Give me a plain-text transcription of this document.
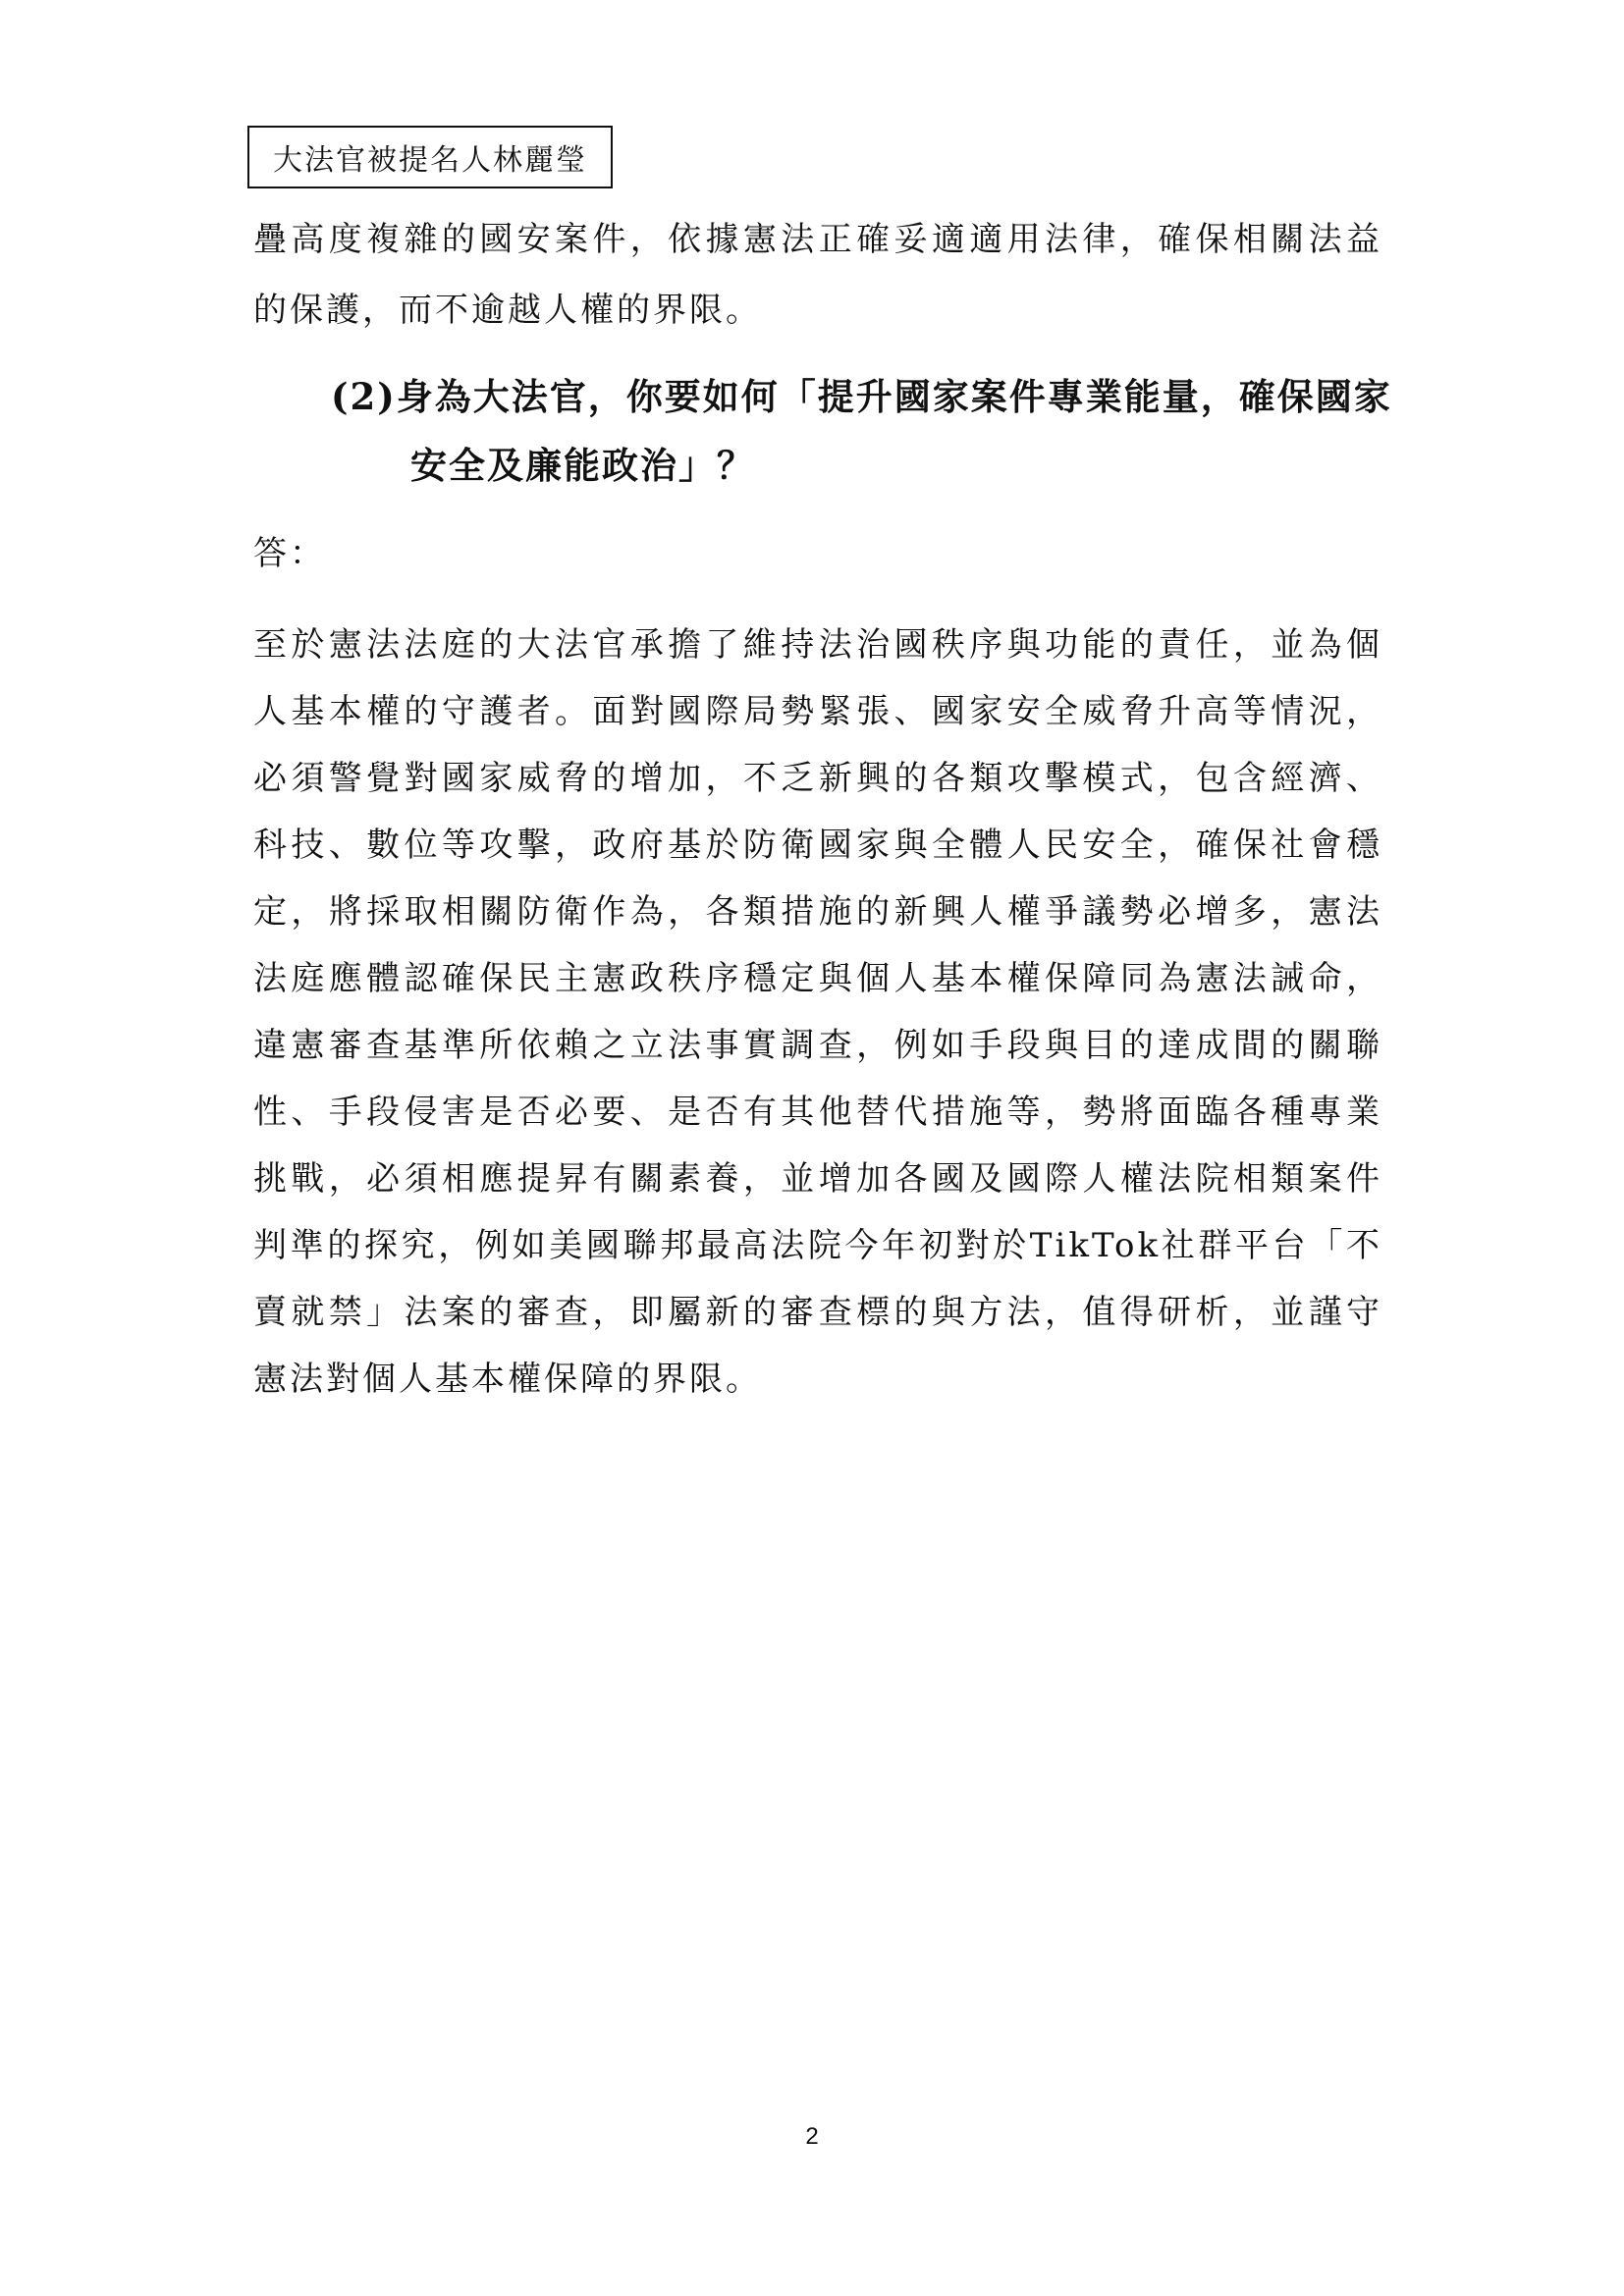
大法官被提名人林麗瑩
疊高度複雜的國安案件，依據憲法正確妥適適用法律，確保相關法益
的保護，而不逾越人權的界限。
(2)身為大法官，你要如何「提升國家案件專業能量，確保國家
安全及廉能政治」？
答：
至於憲法法庭的大法官承擔了維持法治國秩序與功能的責任，並為個
人基本權的守護者。面對國際局勢緊張、國家安全威脅升高等情況，
必須警覺對國家威脅的增加，不乏新興的各類攻擊模式，包含經濟、
科技、數位等攻擊，政府基於防衛國家與全體人民安全，確保社會穩
定，將採取相關防衛作為，各類措施的新興人權爭議勢必增多，憲法
法庭應體認確保民主憲政秩序穩定與個人基本權保障同為憲法誡命，
違憲審查基準所依賴之立法事實調查，例如手段與目的達成間的關聯
性、手段侵害是否必要、是否有其他替代措施等，勢將面臨各種專業
挑戰，必須相應提昇有關素養，並增加各國及國際人權法院相類案件
判準的探究，例如美國聯邦最高法院今年初對於TikTok社群平台「不
賣就禁」法案的審查，即屬新的審查標的與方法，值得研析，並謹守
憲法對個人基本權保障的界限。
2
